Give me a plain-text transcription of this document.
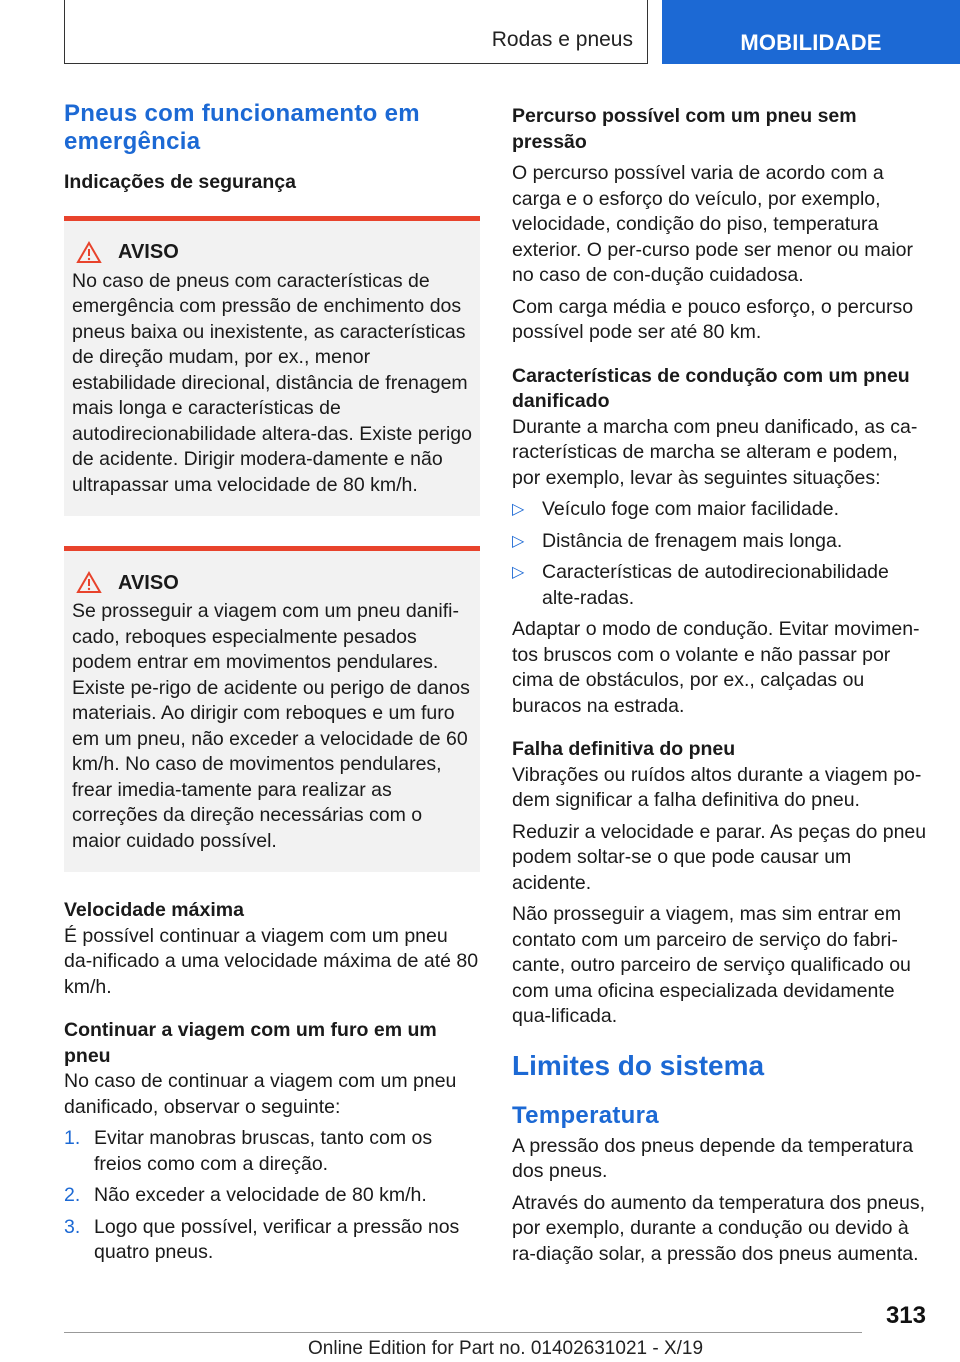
Rodas e pneus	MOBILIDADE
Pneus com funcionamento em emergência
Indicações de segurança
AVISO

No caso de pneus com características de emergência com pressão de enchimento dos pneus baixa ou inexistente, as características de direção mudam, por ex., menor estabilidade direcional, distância de frenagem mais longa e características de autodirecionabilidade altera-das. Existe perigo de acidente. Dirigir modera-damente e não ultrapassar uma velocidade de 80 km/h.

AVISO

Se prosseguir a viagem com um pneu danifi-cado, reboques especialmente pesados podem entrar em movimentos pendulares. Existe pe-rigo de acidente ou perigo de danos materiais. Ao dirigir com reboques e um furo em um pneu, não exceder a velocidade de 60 km/h. No caso de movimentos pendulares, frear imedia-tamente para realizar as correções da direção necessárias com o maior cuidado possível.

Velocidade máxima

É possível continuar a viagem com um pneu da-nificado a uma velocidade máxima de até 80 km/h.

Continuar a viagem com um furo em um pneu

No caso de continuar a viagem com um pneu danificado, observar o seguinte:

1. Evitar manobras bruscas, tanto com os freios como com a direção.
2. Não exceder a velocidade de 80 km/h.
3. Logo que possível, verificar a pressão nos quatro pneus.
Percurso possível com um pneu sem pressão

O percurso possível varia de acordo com a carga e o esforço do veículo, por exemplo, velocidade, condição do piso, temperatura exterior. O per-curso pode ser menor ou maior no caso de con-dução cuidadosa.

Com carga média e pouco esforço, o percurso possível pode ser até 80 km.

Características de condução com um pneu danificado

Durante a marcha com pneu danificado, as ca-racterísticas de marcha se alteram e podem, por exemplo, levar às seguintes situações:

▷ Veículo foge com maior facilidade.
▷ Distância de frenagem mais longa.
▷ Características de autodirecionabilidade alte-radas.

Adaptar o modo de condução. Evitar movimen-tos bruscos com o volante e não passar por cima de obstáculos, por ex., calçadas ou buracos na estrada.

Falha definitiva do pneu

Vibrações ou ruídos altos durante a viagem po-dem significar a falha definitiva do pneu.

Reduzir a velocidade e parar. As peças do pneu podem soltar-se o que pode causar um acidente.

Não prosseguir a viagem, mas sim entrar em contato com um parceiro de serviço do fabri-cante, outro parceiro de serviço qualificado ou com uma oficina especializada devidamente qua-lificada.

Limites do sistema
Temperatura

A pressão dos pneus depende da temperatura dos pneus.

Através do aumento da temperatura dos pneus, por exemplo, durante a condução ou devido à ra-diação solar, a pressão dos pneus aumenta.

313
Online Edition for Part no. 01402631021 - X/19
